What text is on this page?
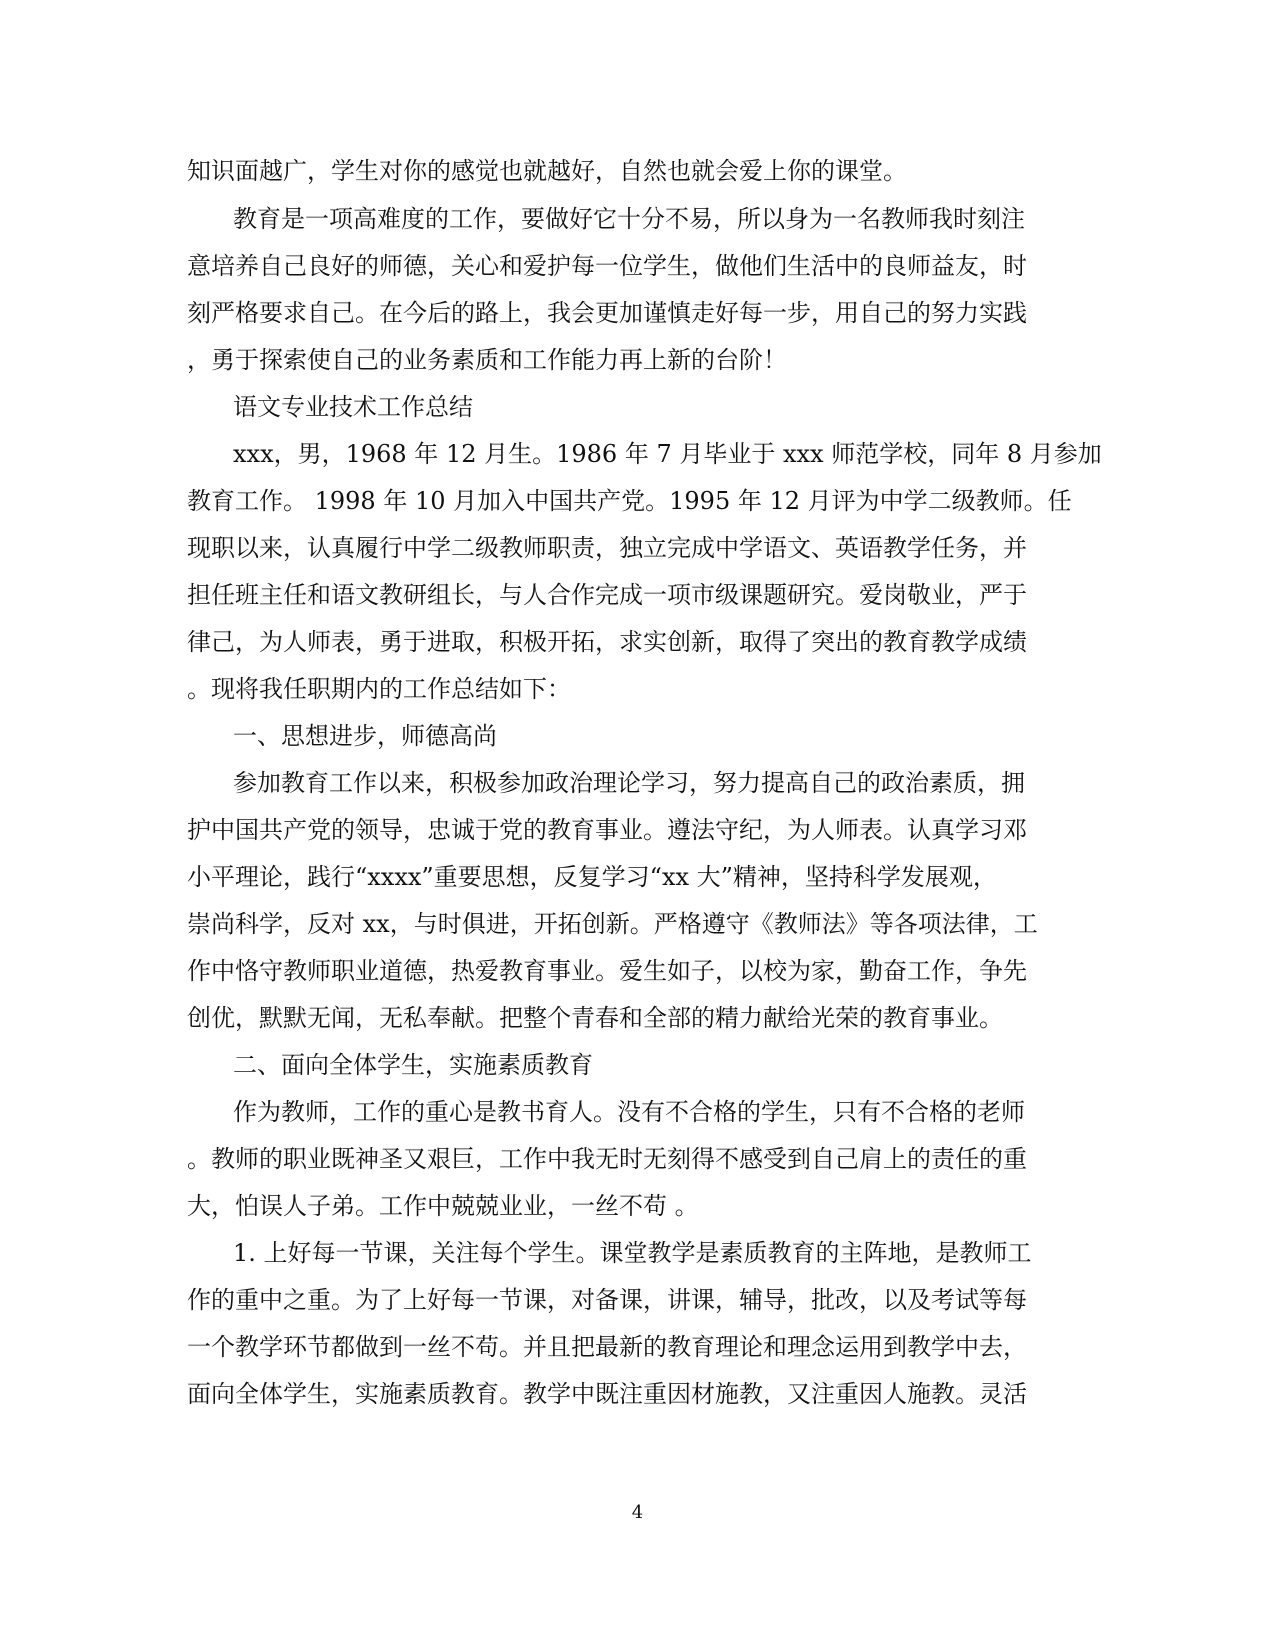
知识面越广，学生对你的感觉也就越好，自然也就会爱上你的课堂。
教育是一项高难度的工作，要做好它十分不易，所以身为一名教师我时刻注
意培养自己良好的师德，关心和爱护每一位学生，做他们生活中的良师益友，时
刻严格要求自己。在今后的路上，我会更加谨慎走好每一步，用自己的努力实践
，勇于探索使自己的业务素质和工作能力再上新的台阶！
语文专业技术工作总结
xxx，男，1968 年 12 月生。1986 年 7 月毕业于 xxx 师范学校，同年 8 月参加
教育工作。 1998 年 10 月加入中国共产党。1995 年 12 月评为中学二级教师。任
现职以来，认真履行中学二级教师职责，独立完成中学语文、英语教学任务，并
担任班主任和语文教研组长，与人合作完成一项市级课题研究。爱岗敬业，严于
律己，为人师表，勇于进取，积极开拓，求实创新，取得了突出的教育教学成绩
。现将我任职期内的工作总结如下：
一、思想进步，师德高尚
参加教育工作以来，积极参加政治理论学习，努力提高自己的政治素质，拥
护中国共产党的领导，忠诚于党的教育事业。遵法守纪，为人师表。认真学习邓
小平理论，践行“xxxx”重要思想，反复学习“xx 大”精神，坚持科学发展观，
崇尚科学，反对 xx，与时俱进，开拓创新。严格遵守《教师法》等各项法律，工
作中恪守教师职业道德，热爱教育事业。爱生如子，以校为家，勤奋工作，争先
创优，默默无闻，无私奉献。把整个青春和全部的精力献给光荣的教育事业。
二、面向全体学生，实施素质教育
作为教师，工作的重心是教书育人。没有不合格的学生，只有不合格的老师
。教师的职业既神圣又艰巨，工作中我无时无刻得不感受到自己肩上的责任的重
大，怕误人子弟。工作中兢兢业业，一丝不苟 。
1. 上好每一节课，关注每个学生。课堂教学是素质教育的主阵地，是教师工
作的重中之重。为了上好每一节课，对备课，讲课，辅导，批改，以及考试等每
一个教学环节都做到一丝不苟。并且把最新的教育理论和理念运用到教学中去，
面向全体学生，实施素质教育。教学中既注重因材施教，又注重因人施教。灵活
4
